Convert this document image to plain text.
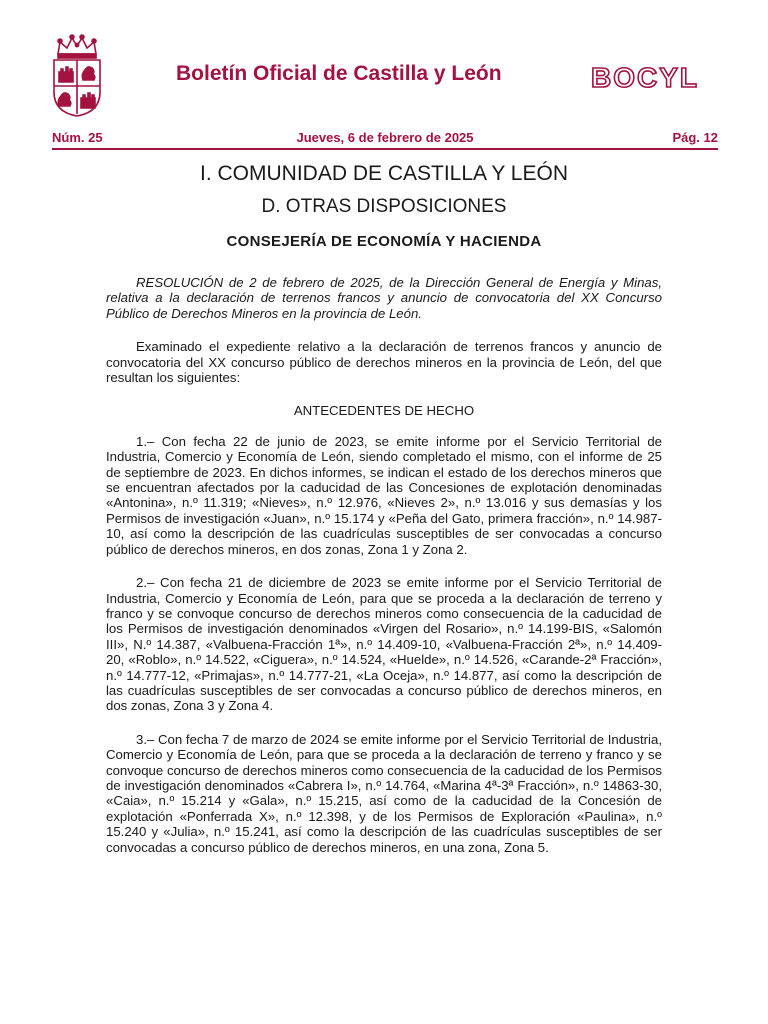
Boletín Oficial de Castilla y León	BOCYL
Núm. 25	Jueves, 6 de febrero de 2025	Pág. 12
I. COMUNIDAD DE CASTILLA Y LEÓN
D. OTRAS DISPOSICIONES
CONSEJERÍA DE ECONOMÍA Y HACIENDA

RESOLUCIÓN de 2 de febrero de 2025, de la Dirección General de Energía y Minas, relativa a la declaración de terrenos francos y anuncio de convocatoria del XX Concurso Público de Derechos Mineros en la provincia de León.

Examinado el expediente relativo a la declaración de terrenos francos y anuncio de convocatoria del XX concurso público de derechos mineros en la provincia de León, del que resultan los siguientes:

ANTECEDENTES DE HECHO

1.– Con fecha 22 de junio de 2023, se emite informe por el Servicio Territorial de Industria, Comercio y Economía de León, siendo completado el mismo, con el informe de 25 de septiembre de 2023. En dichos informes, se indican el estado de los derechos mineros que se encuentran afectados por la caducidad de las Concesiones de explotación denominadas «Antonina», n.º 11.319; «Nieves», n.º 12.976, «Nieves 2», n.º 13.016 y sus demasías y los Permisos de investigación «Juan», n.º 15.174 y «Peña del Gato, primera fracción», n.º 14.987-10, así como la descripción de las cuadrículas susceptibles de ser convocadas a concurso público de derechos mineros, en dos zonas, Zona 1 y Zona 2.

2.– Con fecha 21 de diciembre de 2023 se emite informe por el Servicio Territorial de Industria, Comercio y Economía de León, para que se proceda a la declaración de terreno y franco y se convoque concurso de derechos mineros como consecuencia de la caducidad de los Permisos de investigación denominados «Virgen del Rosario», n.º 14.199-BIS, «Salomón III», N.º 14.387, «Valbuena-Fracción 1ª», n.º 14.409-10, «Valbuena-Fracción 2ª», n.º 14.409-20, «Roblo», n.º 14.522, «Ciguera», n.º 14.524, «Huelde», n.º 14.526, «Carande-2ª Fracción», n.º 14.777-12, «Primajas», n.º 14.777-21, «La Oceja», n.º 14.877, así como la descripción de las cuadrículas susceptibles de ser convocadas a concurso público de derechos mineros, en dos zonas, Zona 3 y Zona 4.

3.– Con fecha 7 de marzo de 2024 se emite informe por el Servicio Territorial de Industria, Comercio y Economía de León, para que se proceda a la declaración de terreno y franco y se convoque concurso de derechos mineros como consecuencia de la caducidad de los Permisos de investigación denominados «Cabrera I», n.º 14.764, «Marina 4ª-3ª Fracción», n.º 14863-30, «Caia», n.º 15.214 y «Gala», n.º 15.215, así como de la caducidad de la Concesión de explotación «Ponferrada X», n.º 12.398, y de los Permisos de Exploración «Paulina», n.º 15.240 y «Julia», n.º 15.241, así como la descripción de las cuadrículas susceptibles de ser convocadas a concurso público de derechos mineros, en una zona, Zona 5.
